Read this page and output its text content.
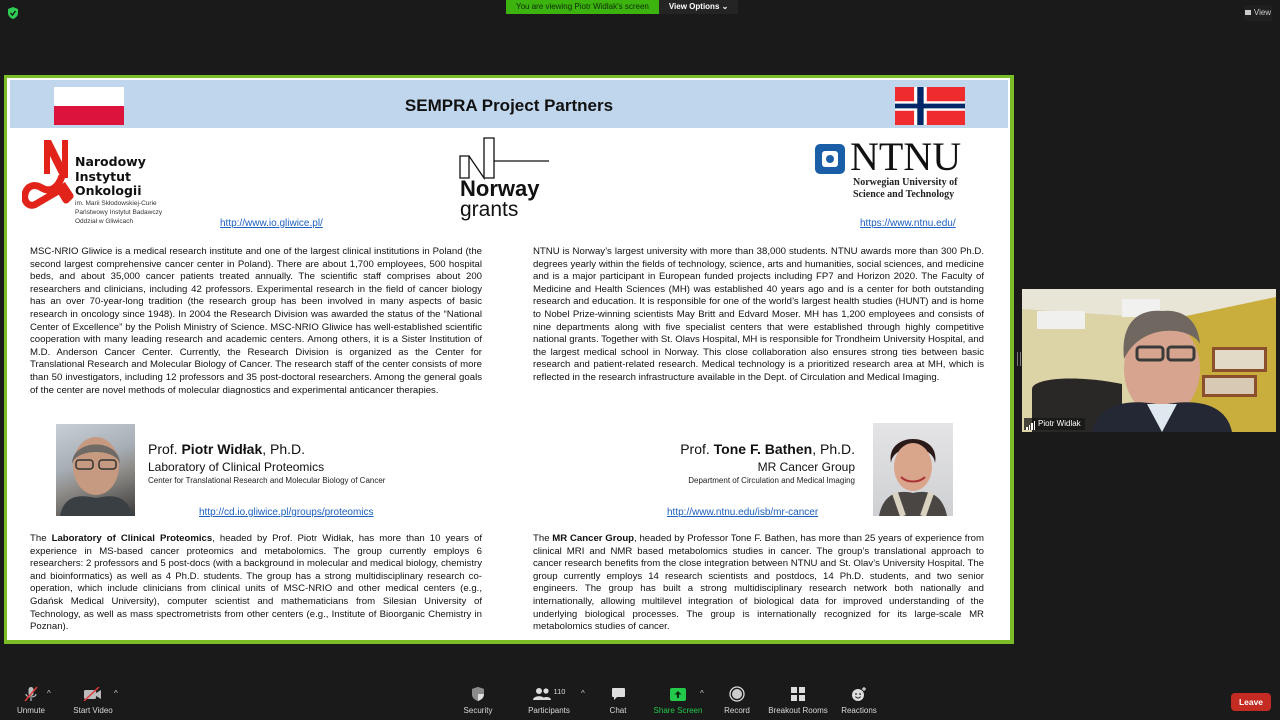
You are viewing Piotr Widlak's screen	View Options ⌄
View
SEMPRA Project Partners
Narodowy
Instytut
Onkologii
im. Marii Skłodowskiej-Curie
Państwowy Instytut Badawczy
Oddział w Gliwicach	http://www.io.gliwice.pl/
Norway
grants
NTNU
Norwegian University of
Science and Technology
https://www.ntnu.edu/
MSC-NRIO Gliwice is a medical research institute and one of the largest clinical institutions in Poland (the second largest comprehensive cancer center in Poland). There are about 1,700 employees, 500 hospital beds, and about 35,000 cancer patients treated annually. The scientific staff comprises about 200 researchers and clinicians, including 42 professors. Experimental research in the field of cancer biology has an over 70-year-long tradition (the research group has been involved in many aspects of basic research in oncology since 1948). In 2004 the Research Division was awarded the status of the “National Center of Excellence” by the Polish Ministry of Science. MSC-NRIO Gliwice has well-established scientific cooperation with many leading research and academic centers. Among others, it is a Sister Institution of M.D. Anderson Cancer Center. Currently, the Research Division is organized as the Center for Translational Research and Molecular Biology of Cancer. The research staff of the center consists of more than 50 investigators, including 12 professors and 35 post-doctoral researchers. Among the general goals of the center are novel methods of molecular diagnostics and experimental anticancer therapies.
NTNU is Norway’s largest university with more than 38,000 students. NTNU awards more than 300 Ph.D. degrees yearly within the fields of technology, science, arts and humanities, social sciences, and medicine and is a major participant in European funded projects including FP7 and Horizon 2020. The Faculty of Medicine and Health Sciences (MH) was established 40 years ago and is a center for both outstanding research and education. It is responsible for one of the world’s largest health studies (HUNT) and is home to Nobel Prize-winning scientists May Britt and Edvard Moser. MH has 1,200 employees and consists of nine departments along with five specialist centers that were established through highly competitive national grants. Together with St. Olavs Hospital, MH is responsible for Trondheim University Hospital, and the largest medical school in Norway. This close collaboration also ensures strong ties between basic research and patient-related research. Medical technology is a prioritized research area at MH, which is reflected in the research infrastructure available in the Dept. of Circulation and Medical Imaging.
Prof. Piotr Widłak, Ph.D.
Laboratory of Clinical Proteomics
Center for Translational Research and Molecular Biology of Cancer
http://cd.io.gliwice.pl/groups/proteomics
Prof. Tone F. Bathen, Ph.D.
MR Cancer Group
Department of Circulation and Medical Imaging
http://www.ntnu.edu/isb/mr-cancer
The Laboratory of Clinical Proteomics, headed by Prof. Piotr Widłak, has more than 10 years of experience in MS-based cancer proteomics and metabolomics. The group currently employs 6 researchers: 2 professors and 5 post-docs (with a background in molecular and medical biology, chemistry and bioinformatics) as well as 4 Ph.D. students. The group has a strong multidisciplinary research co-operation, which include clinicians from clinical units of MSC-NRIO and other medical centers (e.g., Gdańsk Medical University), computer scientist and mathematicians from Silesian University of Technology, as well as mass spectrometrists from other centers (e.g., Institute of Bioorganic Chemistry in Poznan).
The MR Cancer Group, headed by Professor Tone F. Bathen, has more than 25 years of experience from clinical MRI and NMR based metabolomics studies in cancer. The group’s translational approach to cancer research benefits from the close integration between NTNU and St. Olav’s University Hospital. The group currently employs 14 research scientists and postdocs, 14 Ph.D. students, and two senior engineers. The group has built a strong multidisciplinary research network both nationally and internationally, allowing multilevel integration of biological data for improved understanding of the underlying biological processes. The group is internationally recognized for its large-scale MR metabolomics studies of cancer.
Piotr Widlak
Unmute
^
Start Video
^
Security
110
Participants
^
Chat	Share Screen
^
Record	Breakout Rooms	Reactions
Leave
